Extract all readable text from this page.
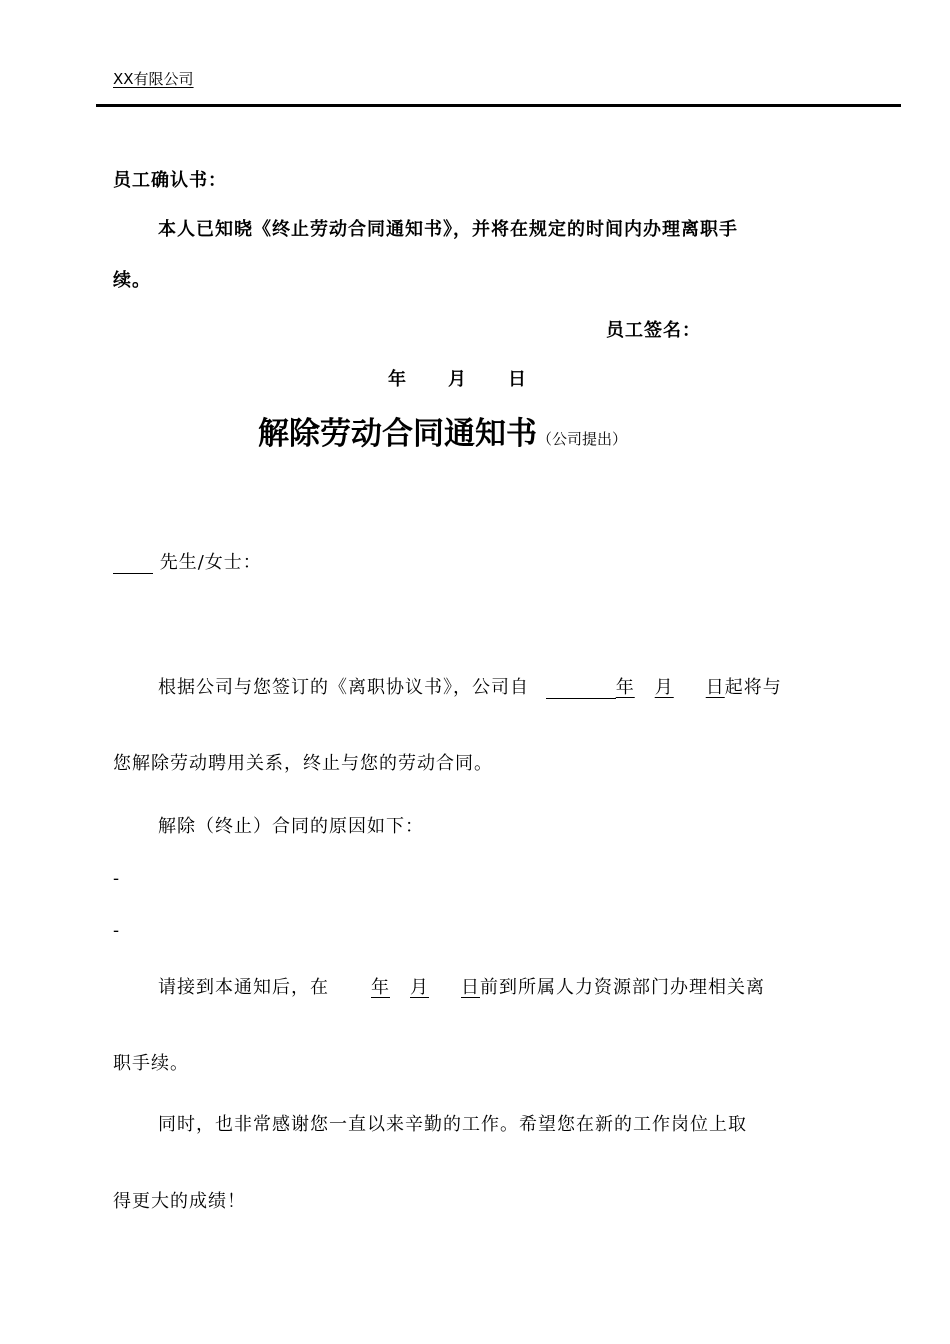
XX有限公司
员工确认书：
本人已知晓《终止劳动合同通知书》，并将在规定的时间内办理离职手
续。
员工签名：
年 月 日
解除劳动合同通知书（公司提出）
先生/女士：
根据公司与您签订的《离职协议书》，公司自	年 月 日起将与
您解除劳动聘用关系，终止与您的劳动合同。
解除（终止）合同的原因如下：
-
-
请接到本通知后，在 年 月 日前到所属人力资源部门办理相关离
职手续。
同时，也非常感谢您一直以来辛勤的工作。希望您在新的工作岗位上取
得更大的成绩！
